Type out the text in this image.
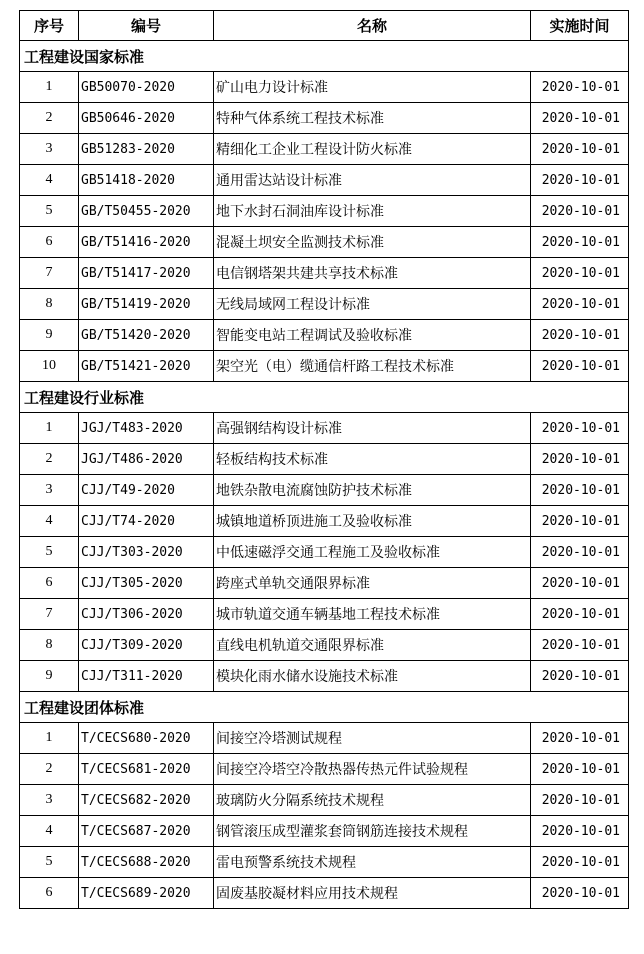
序号	编号	名称	实施时间
工程建设国家标准			
1	GB50070-2020	矿山电力设计标准	2020-10-01
2	GB50646-2020	特种气体系统工程技术标准	2020-10-01
3	GB51283-2020	精细化工企业工程设计防火标准	2020-10-01
4	GB51418-2020	通用雷达站设计标准	2020-10-01
5	GB/T50455-2020	地下水封石洞油库设计标准	2020-10-01
6	GB/T51416-2020	混凝土坝安全监测技术标准	2020-10-01
7	GB/T51417-2020	电信钢塔架共建共享技术标准	2020-10-01
8	GB/T51419-2020	无线局域网工程设计标准	2020-10-01
9	GB/T51420-2020	智能变电站工程调试及验收标准	2020-10-01
10	GB/T51421-2020	架空光（电）缆通信杆路工程技术标准	2020-10-01
工程建设行业标准			
1	JGJ/T483-2020	高强钢结构设计标准	2020-10-01
2	JGJ/T486-2020	轻板结构技术标准	2020-10-01
3	CJJ/T49-2020	地铁杂散电流腐蚀防护技术标准	2020-10-01
4	CJJ/T74-2020	城镇地道桥顶进施工及验收标准	2020-10-01
5	CJJ/T303-2020	中低速磁浮交通工程施工及验收标准	2020-10-01
6	CJJ/T305-2020	跨座式单轨交通限界标准	2020-10-01
7	CJJ/T306-2020	城市轨道交通车辆基地工程技术标准	2020-10-01
8	CJJ/T309-2020	直线电机轨道交通限界标准	2020-10-01
9	CJJ/T311-2020	模块化雨水储水设施技术标准	2020-10-01
工程建设团体标准			
1	T/CECS680-2020	间接空冷塔测试规程	2020-10-01
2	T/CECS681-2020	间接空冷塔空冷散热器传热元件试验规程	2020-10-01
3	T/CECS682-2020	玻璃防火分隔系统技术规程	2020-10-01
4	T/CECS687-2020	钢管滚压成型灌浆套筒钢筋连接技术规程	2020-10-01
5	T/CECS688-2020	雷电预警系统技术规程	2020-10-01
6	T/CECS689-2020	固废基胶凝材料应用技术规程	2020-10-01
